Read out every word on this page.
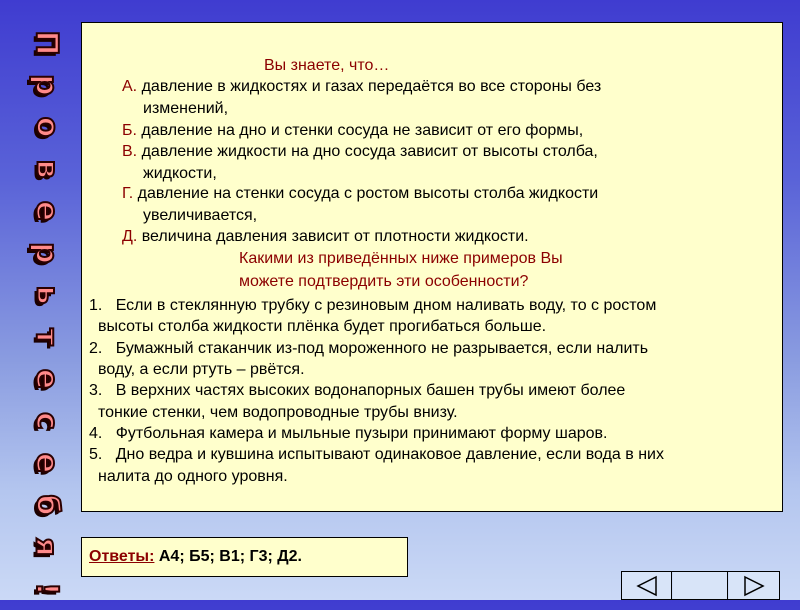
П
р
о
в
е
р
ь
т
е
с
е
б
я
!
Вы знаете, что…
А. давление в жидкостях и газах передаётся во все стороны без
изменений,
Б. давление на дно и стенки сосуда не зависит от его формы,
В. давление жидкости на дно сосуда зависит от высоты столба,
жидкости,
Г. давление на стенки сосуда с ростом высоты столба жидкости
увеличивается,
Д. величина давления зависит от плотности жидкости.
Какими из приведённых ниже примеров Вы
можете подтвердить эти особенности?
1. Если в стеклянную трубку с резиновым дном наливать воду, то с ростом
высоты столба жидкости плёнка будет прогибаться больше.
2. Бумажный стаканчик из-под мороженного не разрывается, если налить
воду, а если ртуть – рвётся.
3. В верхних частях высоких водонапорных башен трубы имеют более
тонкие стенки, чем водопроводные трубы внизу.
4. Футбольная камера и мыльные пузыри принимают форму шаров.
5. Дно ведра и кувшина испытывают одинаковое давление, если вода в них
налита до одного уровня.
Ответы: А4; Б5; В1; Г3; Д2.
